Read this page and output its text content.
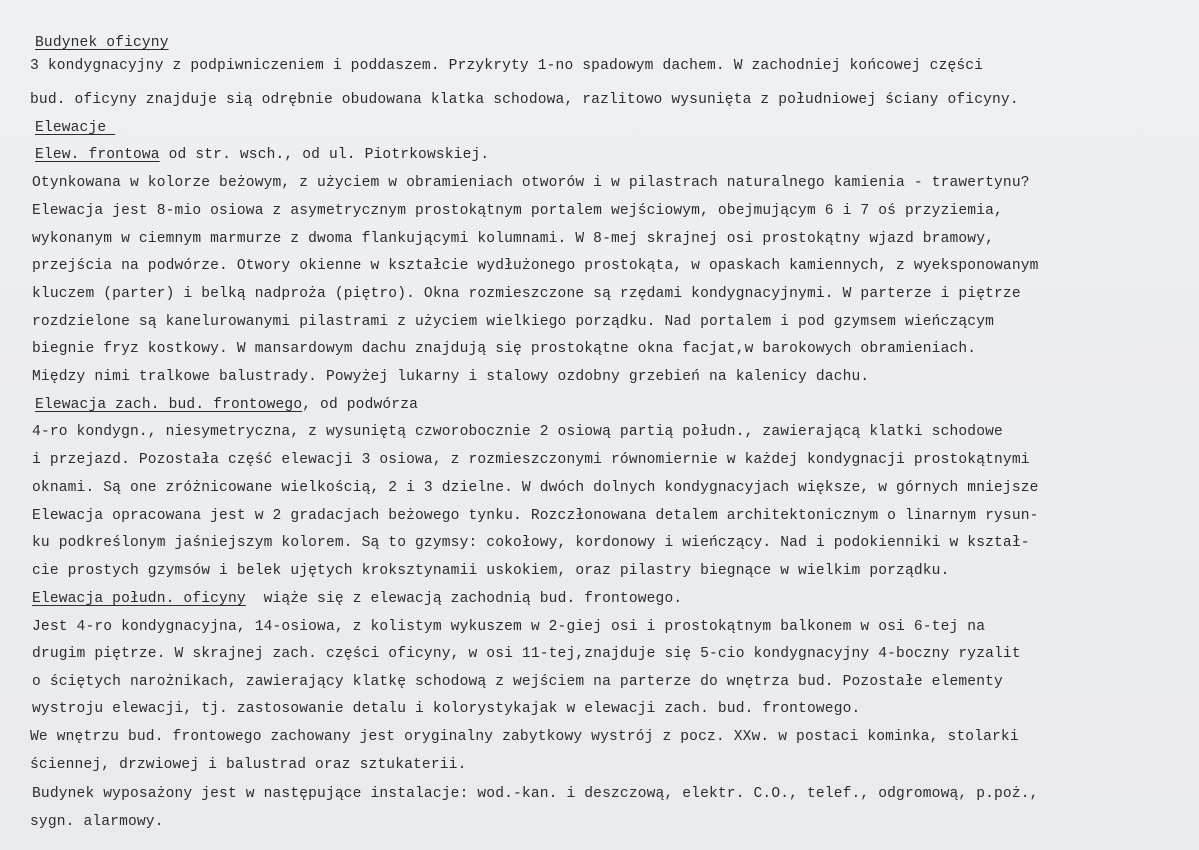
Budynek oficyny
3 kondygnacyjny z podpiwniczeniem i poddaszem. Przykryty 1-no spadowym dachem. W zachodniej końcowej części
bud. oficyny znajduje sią odrębnie obudowana klatka schodowa, razlitowo wysunięta z południowej ściany oficyny.
Elewacje
Elew. frontowa od str. wsch., od ul. Piotrkowskiej.
Otynkowana w kolorze beżowym, z użyciem w obramieniach otworów i w pilastrach naturalnego kamienia - trawertynu?
Elewacja jest 8-mio osiowa z asymetrycznym prostokątnym portalem wejściowym, obejmującym 6 i 7 oś przyziemia,
wykonanym w ciemnym marmurze z dwoma flankującymi kolumnami. W 8-mej skrajnej osi prostokątny wjazd bramowy,
przejścia na podwórze. Otwory okienne w kształcie wydłużonego prostokąta, w opaskach kamiennych, z wyeksponowanym
kluczem (parter) i belką nadproża (piętro). Okna rozmieszczone są rzędami kondygnacyjnymi. W parterze i piętrze
rozdzielone są kanelurowanymi pilastrami z użyciem wielkiego porządku. Nad portalem i pod gzymsem wieńczącym
biegnie fryz kostkowy. W mansardowym dachu znajdują się prostokątne okna facjat,w barokowych obramieniach.
Między nimi tralkowe balustrady. Powyżej lukarny i stalowy ozdobny grzebień na kalenicy dachu.
Elewacja zach. bud. frontowego, od podwórza
4-ro kondygn., niesymetryczna, z wysuniętą czworobocznie 2 osiową partią połudn., zawierającą klatki schodowe
i przejazd. Pozostała część elewacji 3 osiowa, z rozmieszczonymi równomiernie w każdej kondygnacji prostokątnymi
oknami. Są one zróżnicowane wielkością, 2 i 3 dzielne. W dwóch dolnych kondygnacyjach większe, w górnych mniejsze
Elewacja opracowana jest w 2 gradacjach beżowego tynku. Rozczłonowana detalem architektonicznym o linarnym rysun-
ku podkreślonym jaśniejszym kolorem. Są to gzymsy: cokołowy, kordonowy i wieńczący. Nad i podokienniki w kształ-
cie prostych gzymsów i belek ujętych kroksztynamii uskokiem, oraz pilastry biegnące w wielkim porządku.
Elewacja połudn. oficyny  wiąże się z elewacją zachodnią bud. frontowego.
Jest 4-ro kondygnacyjna, 14-osiowa, z kolistym wykuszem w 2-giej osi i prostokątnym balkonem w osi 6-tej na
drugim piętrze. W skrajnej zach. części oficyny, w osi 11-tej,znajduje się 5-cio kondygnacyjny 4-boczny ryzalit
o ściętych narożnikach, zawierający klatkę schodową z wejściem na parterze do wnętrza bud. Pozostałe elementy
wystroju elewacji, tj. zastosowanie detalu i kolorystykajak w elewacji zach. bud. frontowego.
We wnętrzu bud. frontowego zachowany jest oryginalny zabytkowy wystrój z pocz. XXw. w postaci kominka, stolarki
ściennej, drzwiowej i balustrad oraz sztukaterii.
Budynek wyposażony jest w następujące instalacje: wod.-kan. i deszczową, elektr. C.O., telef., odgromową, p.poż.,
sygn. alarmowy.
